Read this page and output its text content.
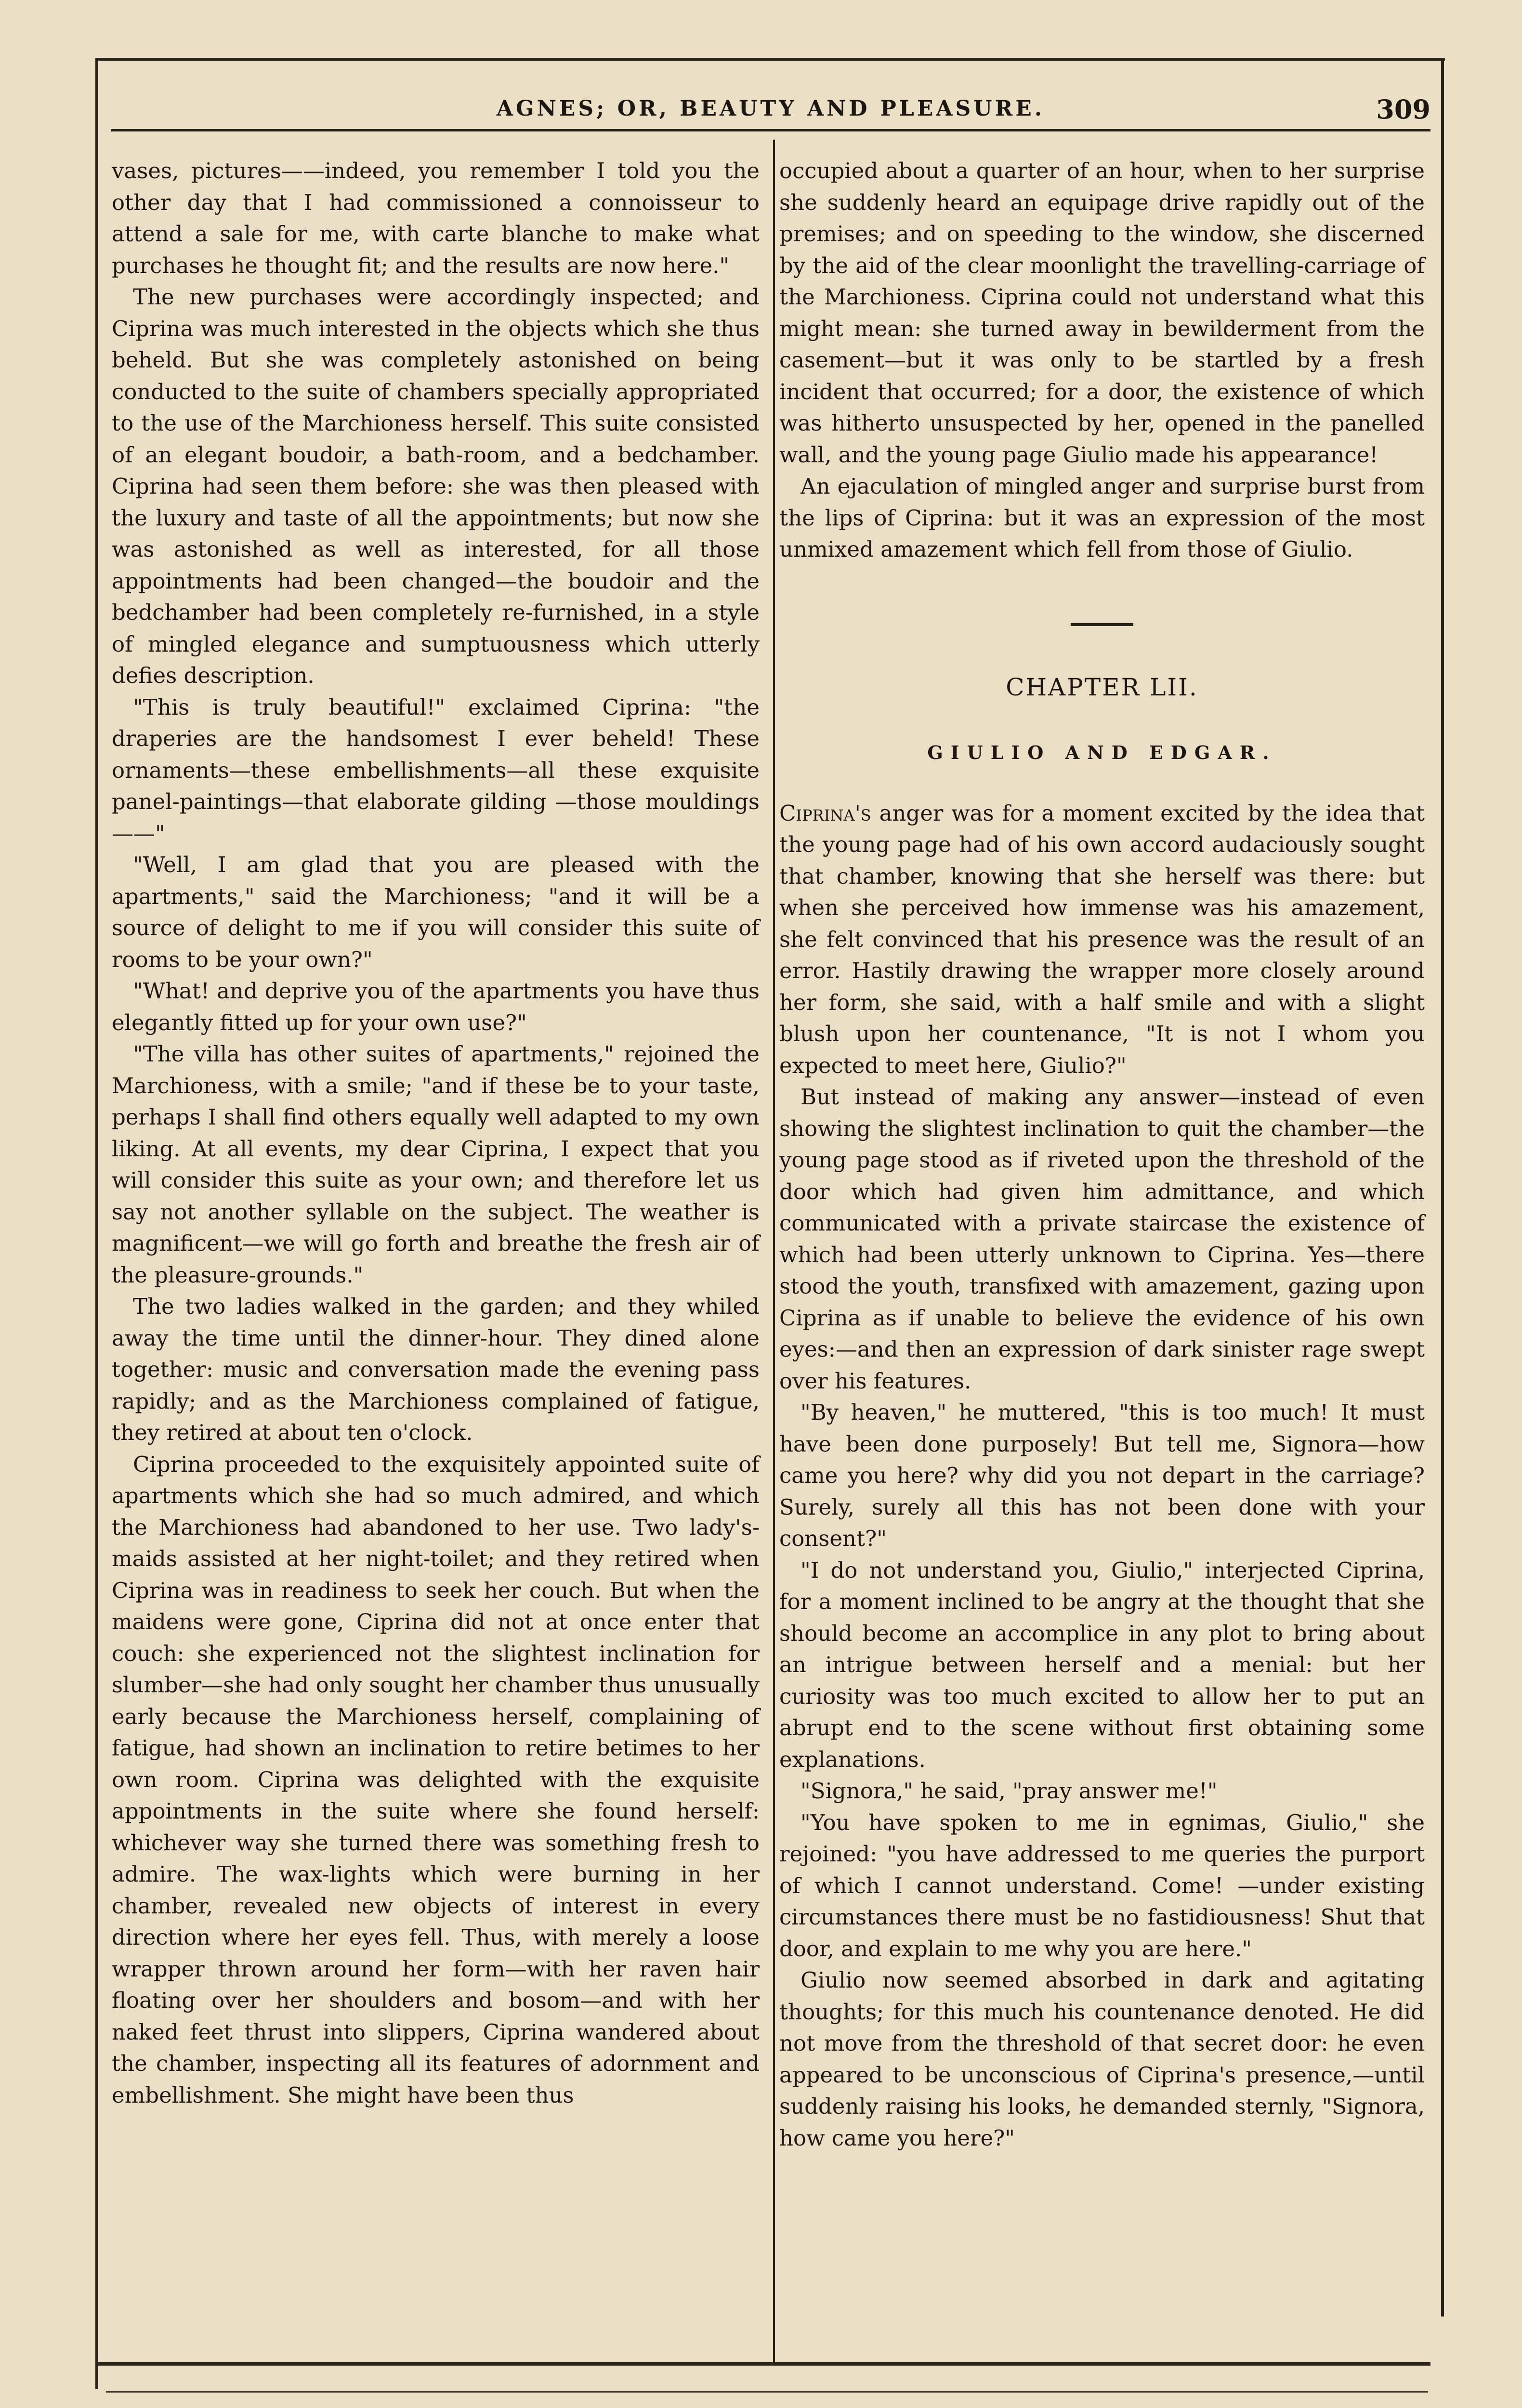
AGNES; OR, BEAUTY AND PLEASURE.	309

vases, pictures——indeed, you remember I told you the other day that I had commissioned a connoisseur to attend a sale for me, with carte blanche to make what purchases he thought fit; and the results are now here."

The new purchases were accordingly inspected; and Ciprina was much interested in the objects which she thus beheld. But she was completely astonished on being conducted to the suite of chambers specially appropriated to the use of the Marchioness herself. This suite consisted of an elegant boudoir, a bath-room, and a bedchamber. Ciprina had seen them before: she was then pleased with the luxury and taste of all the appointments; but now she was astonished as well as interested, for all those appointments had been changed—the boudoir and the bedchamber had been completely re-furnished, in a style of mingled elegance and sumptuousness which utterly defies description.

"This is truly beautiful!" exclaimed Ciprina: "the draperies are the handsomest I ever beheld! These ornaments—these embellishments—all these exquisite panel-paintings—that elaborate gilding —those mouldings——"

"Well, I am glad that you are pleased with the apartments," said the Marchioness; "and it will be a source of delight to me if you will consider this suite of rooms to be your own?"

"What! and deprive you of the apartments you have thus elegantly fitted up for your own use?"

"The villa has other suites of apartments," rejoined the Marchioness, with a smile; "and if these be to your taste, perhaps I shall find others equally well adapted to my own liking. At all events, my dear Ciprina, I expect that you will consider this suite as your own; and therefore let us say not another syllable on the subject. The weather is magnificent—we will go forth and breathe the fresh air of the pleasure-grounds."

The two ladies walked in the garden; and they whiled away the time until the dinner-hour. They dined alone together: music and conversation made the evening pass rapidly; and as the Marchioness complained of fatigue, they retired at about ten o'clock.

Ciprina proceeded to the exquisitely appointed suite of apartments which she had so much admired, and which the Marchioness had abandoned to her use. Two lady's-maids assisted at her night-toilet; and they retired when Ciprina was in readiness to seek her couch. But when the maidens were gone, Ciprina did not at once enter that couch: she experienced not the slightest inclination for slumber—she had only sought her chamber thus unusually early because the Marchioness herself, complaining of fatigue, had shown an inclination to retire betimes to her own room. Ciprina was delighted with the exquisite appointments in the suite where she found herself: whichever way she turned there was something fresh to admire. The wax-lights which were burning in her chamber, revealed new objects of interest in every direction where her eyes fell. Thus, with merely a loose wrapper thrown around her form—with her raven hair floating over her shoulders and bosom—and with her naked feet thrust into slippers, Ciprina wandered about the chamber, inspecting all its features of adornment and embellishment. She might have been thus

occupied about a quarter of an hour, when to her surprise she suddenly heard an equipage drive rapidly out of the premises; and on speeding to the window, she discerned by the aid of the clear moonlight the travelling-carriage of the Marchioness. Ciprina could not understand what this might mean: she turned away in bewilderment from the casement—but it was only to be startled by a fresh incident that occurred; for a door, the existence of which was hitherto unsuspected by her, opened in the panelled wall, and the young page Giulio made his appearance!

An ejaculation of mingled anger and surprise burst from the lips of Ciprina: but it was an expression of the most unmixed amazement which fell from those of Giulio.

CHAPTER LII.
GIULIO AND EDGAR.

Ciprina's anger was for a moment excited by the idea that the young page had of his own accord audaciously sought that chamber, knowing that she herself was there: but when she perceived how immense was his amazement, she felt convinced that his presence was the result of an error. Hastily drawing the wrapper more closely around her form, she said, with a half smile and with a slight blush upon her countenance, "It is not I whom you expected to meet here, Giulio?"

But instead of making any answer—instead of even showing the slightest inclination to quit the chamber—the young page stood as if riveted upon the threshold of the door which had given him admittance, and which communicated with a private staircase the existence of which had been utterly unknown to Ciprina. Yes—there stood the youth, transfixed with amazement, gazing upon Ciprina as if unable to believe the evidence of his own eyes:—and then an expression of dark sinister rage swept over his features.

"By heaven," he muttered, "this is too much! It must have been done purposely! But tell me, Signora—how came you here? why did you not depart in the carriage? Surely, surely all this has not been done with your consent?"

"I do not understand you, Giulio," interjected Ciprina, for a moment inclined to be angry at the thought that she should become an accomplice in any plot to bring about an intrigue between herself and a menial: but her curiosity was too much excited to allow her to put an abrupt end to the scene without first obtaining some explanations.

"Signora," he said, "pray answer me!"

"You have spoken to me in egnimas, Giulio," she rejoined: "you have addressed to me queries the purport of which I cannot understand. Come! —under existing circumstances there must be no fastidiousness! Shut that door, and explain to me why you are here."

Giulio now seemed absorbed in dark and agitating thoughts; for this much his countenance denoted. He did not move from the threshold of that secret door: he even appeared to be unconscious of Ciprina's presence,—until suddenly raising his looks, he demanded sternly, "Signora, how came you here?"
